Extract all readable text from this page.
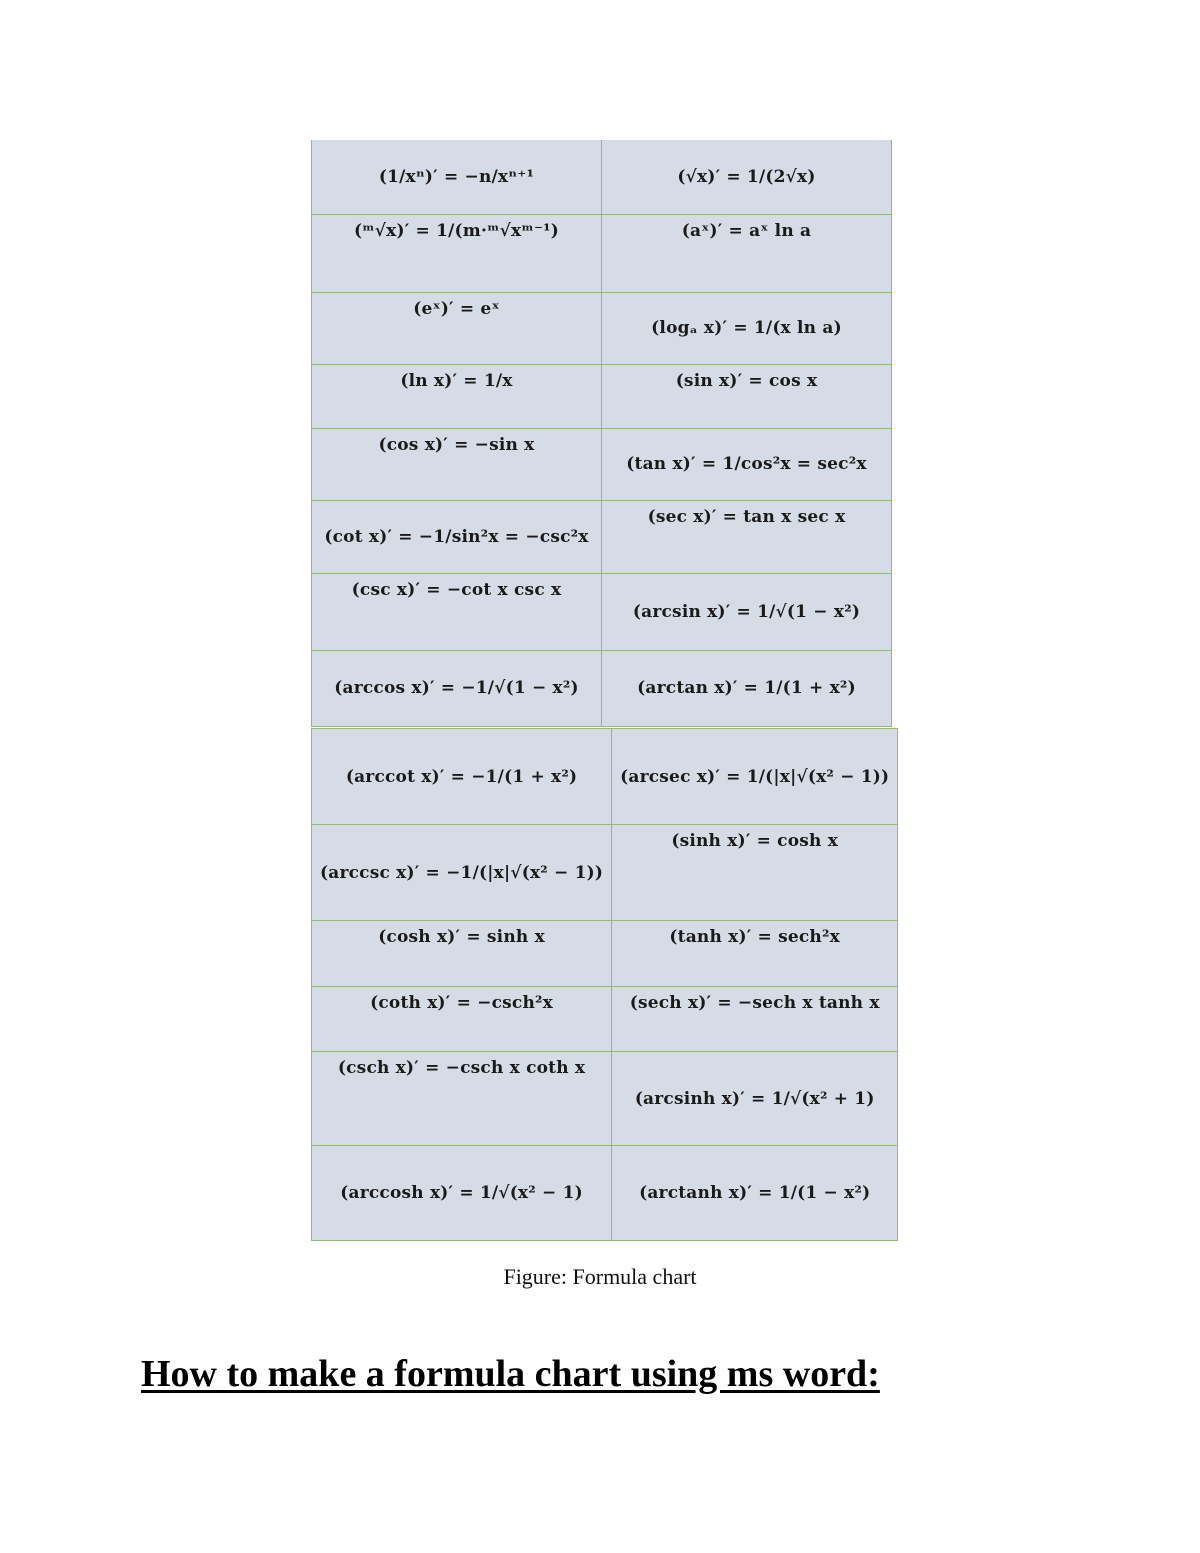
(1/xⁿ)′ = −n/xⁿ⁺¹	(√x)′ = 1/(2√x)
(ᵐ√x)′ = 1/(m·ᵐ√xᵐ⁻¹)	(aˣ)′ = aˣ ln a
(eˣ)′ = eˣ	(logₐ x)′ = 1/(x ln a)
(ln x)′ = 1/x	(sin x)′ = cos x
(cos x)′ = −sin x	(tan x)′ = 1/cos²x = sec²x
(cot x)′ = −1/sin²x = −csc²x	(sec x)′ = tan x sec x
(csc x)′ = −cot x csc x	(arcsin x)′ = 1/√(1 − x²)
(arccos x)′ = −1/√(1 − x²)	(arctan x)′ = 1/(1 + x²)
(arccot x)′ = −1/(1 + x²)	(arcsec x)′ = 1/(|x|√(x² − 1))
(arccsc x)′ = −1/(|x|√(x² − 1))	(sinh x)′ = cosh x
(cosh x)′ = sinh x	(tanh x)′ = sech²x
(coth x)′ = −csch²x	(sech x)′ = −sech x tanh x
(csch x)′ = −csch x coth x	(arcsinh x)′ = 1/√(x² + 1)
(arccosh x)′ = 1/√(x² − 1)	(arctanh x)′ = 1/(1 − x²)
Figure: Formula chart
How to make a formula chart using ms word:
